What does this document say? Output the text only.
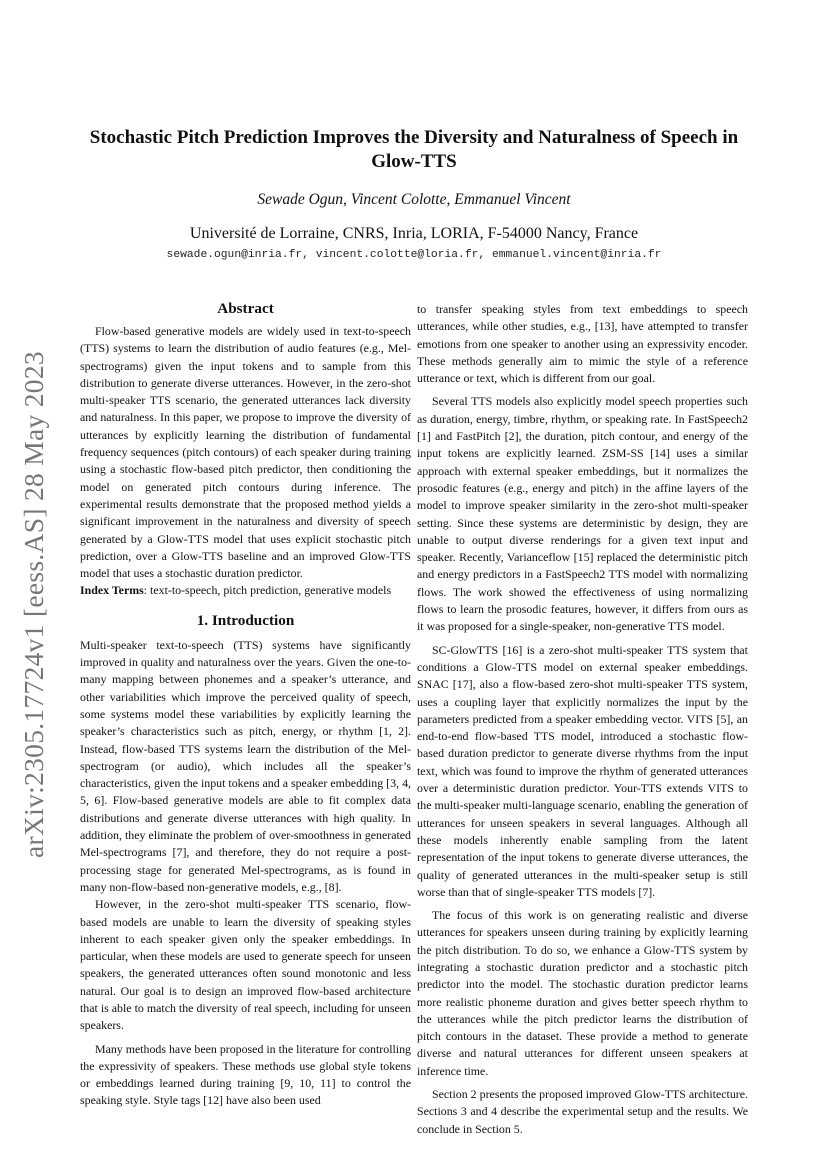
arXiv:2305.17724v1 [eess.AS] 28 May 2023
Stochastic Pitch Prediction Improves the Diversity and Naturalness of Speech in Glow-TTS

Sewade Ogun, Vincent Colotte, Emmanuel Vincent

Université de Lorraine, CNRS, Inria, LORIA, F-54000 Nancy, France

sewade.ogun@inria.fr, vincent.colotte@loria.fr, emmanuel.vincent@inria.fr

Abstract

Flow-based generative models are widely used in text-to-speech (TTS) systems to learn the distribution of audio features (e.g., Mel-spectrograms) given the input tokens and to sample from this distribution to generate diverse utterances. However, in the zero-shot multi-speaker TTS scenario, the generated utterances lack diversity and naturalness. In this paper, we propose to improve the diversity of utterances by explicitly learning the distribution of fundamental frequency sequences (pitch contours) of each speaker during training using a stochastic flow-based pitch predictor, then conditioning the model on generated pitch contours during inference. The experimental results demonstrate that the proposed method yields a significant improvement in the naturalness and diversity of speech generated by a Glow-TTS model that uses explicit stochastic pitch prediction, over a Glow-TTS baseline and an improved Glow-TTS model that uses a stochastic duration predictor.

Index Terms: text-to-speech, pitch prediction, generative models

1. Introduction

Multi-speaker text-to-speech (TTS) systems have significantly improved in quality and naturalness over the years. Given the one-to-many mapping between phonemes and a speaker’s utterance, and other variabilities which improve the perceived quality of speech, some systems model these variabilities by explicitly learning the speaker’s characteristics such as pitch, energy, or rhythm [1, 2]. Instead, flow-based TTS systems learn the distribution of the Mel-spectrogram (or audio), which includes all the speaker’s characteristics, given the input tokens and a speaker embedding [3, 4, 5, 6]. Flow-based generative models are able to fit complex data distributions and generate diverse utterances with high quality. In addition, they eliminate the problem of over-smoothness in generated Mel-spectrograms [7], and therefore, they do not require a post-processing stage for generated Mel-spectrograms, as is found in many non-flow-based non-generative models, e.g., [8].

However, in the zero-shot multi-speaker TTS scenario, flow-based models are unable to learn the diversity of speaking styles inherent to each speaker given only the speaker embeddings. In particular, when these models are used to generate speech for unseen speakers, the generated utterances often sound monotonic and less natural. Our goal is to design an improved flow-based architecture that is able to match the diversity of real speech, including for unseen speakers.

Many methods have been proposed in the literature for controlling the expressivity of speakers. These methods use global style tokens or embeddings learned during training [9, 10, 11] to control the speaking style. Style tags [12] have also been used

to transfer speaking styles from text embeddings to speech utterances, while other studies, e.g., [13], have attempted to transfer emotions from one speaker to another using an expressivity encoder. These methods generally aim to mimic the style of a reference utterance or text, which is different from our goal.

Several TTS models also explicitly model speech properties such as duration, energy, timbre, rhythm, or speaking rate. In FastSpeech2 [1] and FastPitch [2], the duration, pitch contour, and energy of the input tokens are explicitly learned. ZSM-SS [14] uses a similar approach with external speaker embeddings, but it normalizes the prosodic features (e.g., energy and pitch) in the affine layers of the model to improve speaker similarity in the zero-shot multi-speaker setting. Since these systems are deterministic by design, they are unable to output diverse renderings for a given text input and speaker. Recently, Varianceflow [15] replaced the deterministic pitch and energy predictors in a FastSpeech2 TTS model with normalizing flows. The work showed the effectiveness of using normalizing flows to learn the prosodic features, however, it differs from ours as it was proposed for a single-speaker, non-generative TTS model.

SC-GlowTTS [16] is a zero-shot multi-speaker TTS system that conditions a Glow-TTS model on external speaker embeddings. SNAC [17], also a flow-based zero-shot multi-speaker TTS system, uses a coupling layer that explicitly normalizes the input by the parameters predicted from a speaker embedding vector. VITS [5], an end-to-end flow-based TTS model, introduced a stochastic flow-based duration predictor to generate diverse rhythms from the input text, which was found to improve the rhythm of generated utterances over a deterministic duration predictor. Your-TTS extends VITS to the multi-speaker multi-language scenario, enabling the generation of utterances for unseen speakers in several languages. Although all these models inherently enable sampling from the latent representation of the input tokens to generate diverse utterances, the quality of generated utterances in the multi-speaker setup is still worse than that of single-speaker TTS models [7].

The focus of this work is on generating realistic and diverse utterances for speakers unseen during training by explicitly learning the pitch distribution. To do so, we enhance a Glow-TTS system by integrating a stochastic duration predictor and a stochastic pitch predictor into the model. The stochastic duration predictor learns more realistic phoneme duration and gives better speech rhythm to the utterances while the pitch predictor learns the distribution of pitch contours in the dataset. These provide a method to generate diverse and natural utterances for different unseen speakers at inference time.

Section 2 presents the proposed improved Glow-TTS architecture. Sections 3 and 4 describe the experimental setup and the results. We conclude in Section 5.
